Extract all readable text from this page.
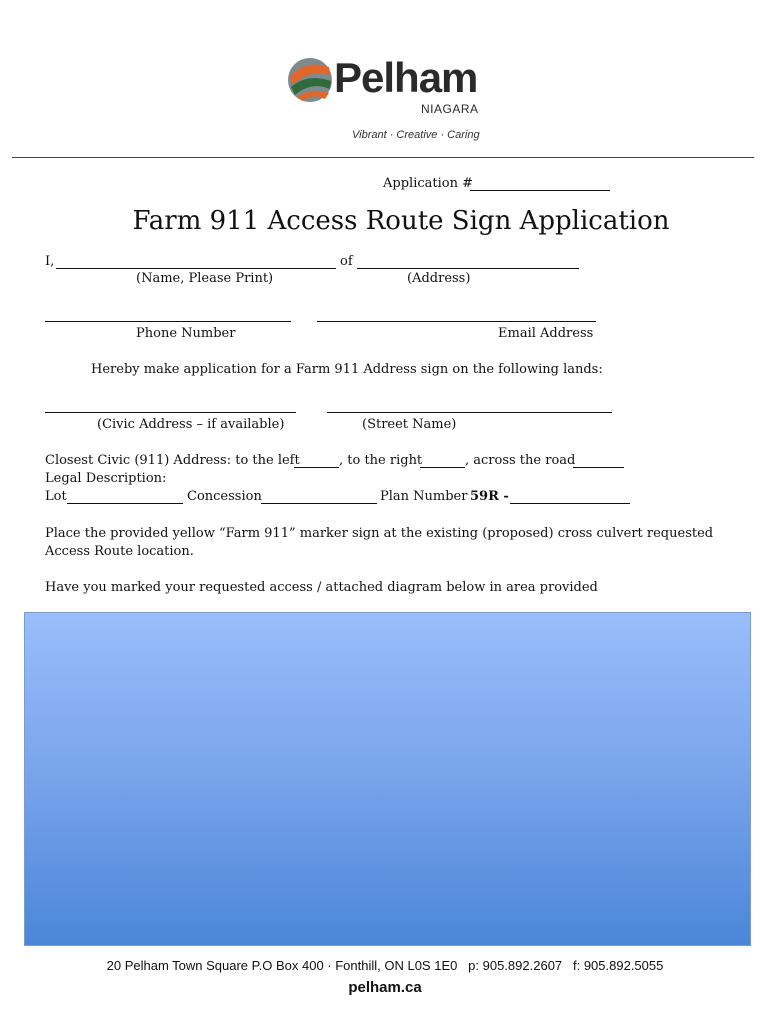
Pelham
NIAGARA
Vibrant · Creative · Caring
Application #
Farm 911 Access Route Sign Application
I,	of
(Name, Please Print)	(Address)
Phone Number	Email Address
Hereby make application for a Farm 911 Address sign on the following lands:
(Civic Address – if available)	(Street Name)
Closest Civic (911) Address: to the left	, to the right	, across the road
Legal Description:
Lot	Concession	Plan Number 59R -
Place the provided yellow “Farm 911” marker sign at the existing (proposed) cross culvert requested
Access Route location.
Have you marked your requested access / attached diagram below in area provided
20 Pelham Town Square P.O Box 400 · Fonthill, ON L0S 1E0   p: 905.892.2607   f: 905.892.5055
pelham.ca
